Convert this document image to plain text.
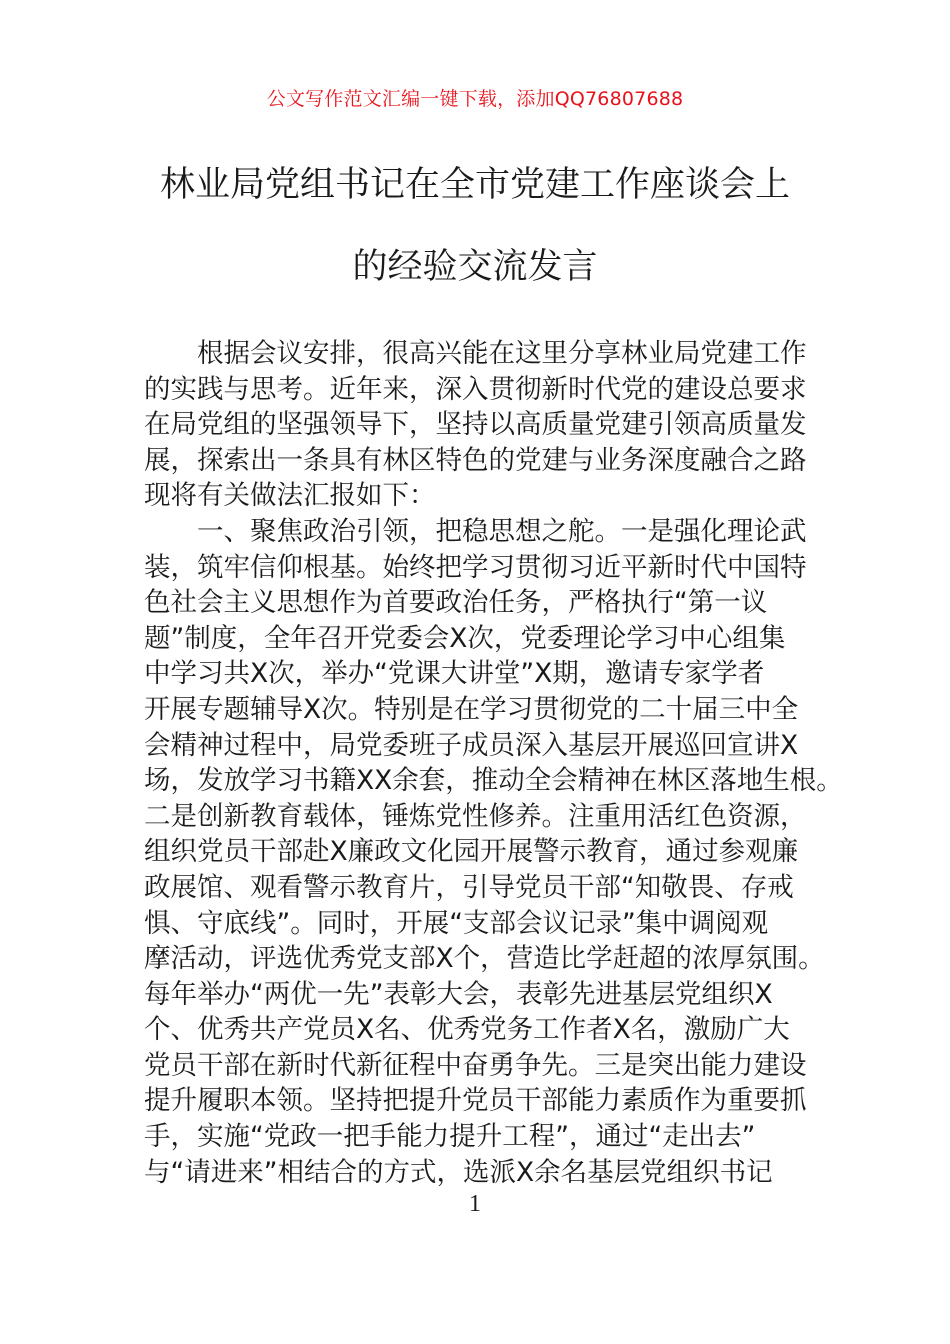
公文写作范文汇编一键下载，添加QQ76807688
林业局党组书记在全市党建工作座谈会上
的经验交流发言
根据会议安排，很高兴能在这里分享林业局党建工作
的实践与思考。近年来，深入贯彻新时代党的建设总要求
在局党组的坚强领导下，坚持以高质量党建引领高质量发
展，探索出一条具有林区特色的党建与业务深度融合之路
现将有关做法汇报如下：
一、聚焦政治引领，把稳思想之舵。一是强化理论武
装，筑牢信仰根基。始终把学习贯彻习近平新时代中国特
色社会主义思想作为首要政治任务，严格执行“第一议
题”制度，全年召开党委会X次，党委理论学习中心组集
中学习共X次，举办“党课大讲堂”X期，邀请专家学者
开展专题辅导X次。特别是在学习贯彻党的二十届三中全
会精神过程中，局党委班子成员深入基层开展巡回宣讲X
场，发放学习书籍XX余套，推动全会精神在林区落地生根。
二是创新教育载体，锤炼党性修养。注重用活红色资源，
组织党员干部赴X廉政文化园开展警示教育，通过参观廉
政展馆、观看警示教育片，引导党员干部“知敬畏、存戒
惧、守底线”。同时，开展“支部会议记录”集中调阅观
摩活动，评选优秀党支部X个，营造比学赶超的浓厚氛围。
每年举办“两优一先”表彰大会，表彰先进基层党组织X
个、优秀共产党员X名、优秀党务工作者X名，激励广大
党员干部在新时代新征程中奋勇争先。三是突出能力建设
提升履职本领。坚持把提升党员干部能力素质作为重要抓
手，实施“党政一把手能力提升工程”，通过“走出去”
与“请进来”相结合的方式，选派X余名基层党组织书记
1
